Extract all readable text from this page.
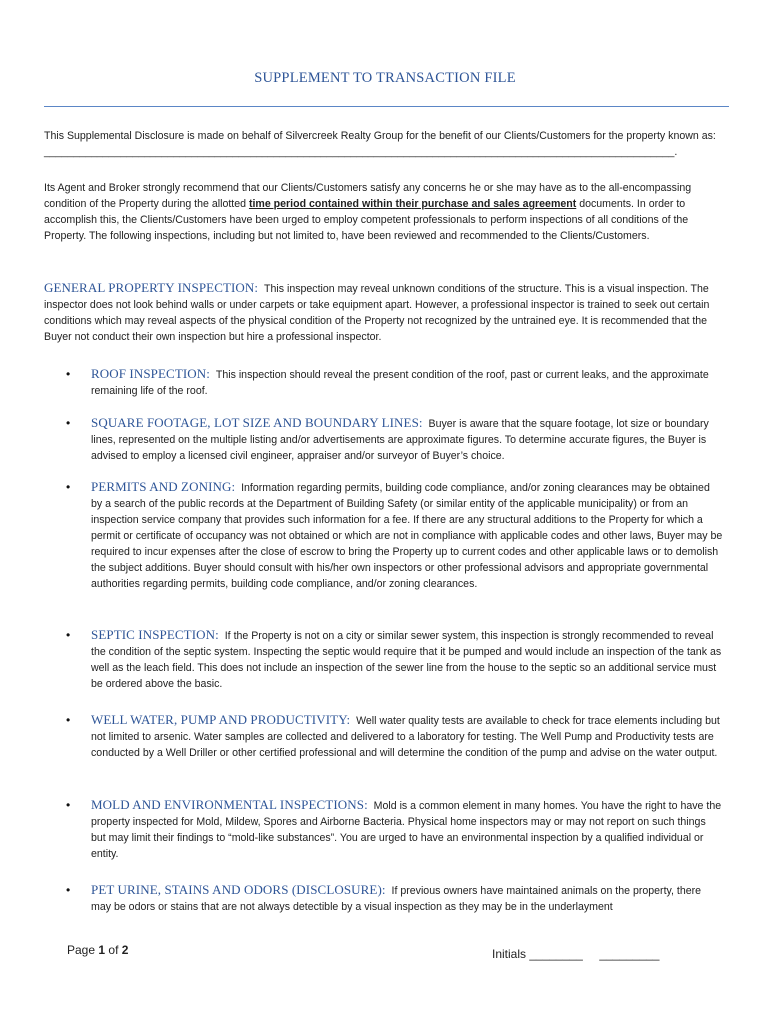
SUPPLEMENT TO TRANSACTION FILE
This Supplemental Disclosure is made on behalf of Silvercreek Realty Group for the benefit of our Clients/Customers for the property known as: ___________________________________________________________________________________________________________.
Its Agent and Broker strongly recommend that our Clients/Customers satisfy any concerns he or she may have as to the all-encompassing condition of the Property during the allotted time period contained within their purchase and sales agreement documents. In order to accomplish this, the Clients/Customers have been urged to employ competent professionals to perform inspections of all conditions of the Property. The following inspections, including but not limited to, have been reviewed and recommended to the Clients/Customers.
GENERAL PROPERTY INSPECTION: This inspection may reveal unknown conditions of the structure. This is a visual inspection. The inspector does not look behind walls or under carpets or take equipment apart. However, a professional inspector is trained to seek out certain conditions which may reveal aspects of the physical condition of the Property not recognized by the untrained eye. It is recommended that the Buyer not conduct their own inspection but hire a professional inspector.
• ROOF INSPECTION: This inspection should reveal the present condition of the roof, past or current leaks, and the approximate remaining life of the roof.
• SQUARE FOOTAGE, LOT SIZE AND BOUNDARY LINES: Buyer is aware that the square footage, lot size or boundary lines, represented on the multiple listing and/or advertisements are approximate figures. To determine accurate figures, the Buyer is advised to employ a licensed civil engineer, appraiser and/or surveyor of Buyer’s choice.
• PERMITS AND ZONING: Information regarding permits, building code compliance, and/or zoning clearances may be obtained by a search of the public records at the Department of Building Safety (or similar entity of the applicable municipality) or from an inspection service company that provides such information for a fee. If there are any structural additions to the Property for which a permit or certificate of occupancy was not obtained or which are not in compliance with applicable codes and other laws, Buyer may be required to incur expenses after the close of escrow to bring the Property up to current codes and other applicable laws or to demolish the subject additions. Buyer should consult with his/her own inspectors or other professional advisors and appropriate governmental authorities regarding permits, building code compliance, and/or zoning clearances.
• SEPTIC INSPECTION: If the Property is not on a city or similar sewer system, this inspection is strongly recommended to reveal the condition of the septic system. Inspecting the septic would require that it be pumped and would include an inspection of the tank as well as the leach field. This does not include an inspection of the sewer line from the house to the septic so an additional service must be ordered above the basic.
• WELL WATER, PUMP AND PRODUCTIVITY: Well water quality tests are available to check for trace elements including but not limited to arsenic. Water samples are collected and delivered to a laboratory for testing. The Well Pump and Productivity tests are conducted by a Well Driller or other certified professional and will determine the condition of the pump and advise on the water output.
• MOLD AND ENVIRONMENTAL INSPECTIONS: Mold is a common element in many homes. You have the right to have the property inspected for Mold, Mildew, Spores and Airborne Bacteria. Physical home inspectors may or may not report on such things but may limit their findings to “mold-like substances”. You are urged to have an environmental inspection by a qualified individual or entity.
• PET URINE, STAINS AND ODORS (DISCLOSURE): If previous owners have maintained animals on the property, there may be odors or stains that are not always detectible by a visual inspection as they may be in the underlayment
Page 1 of 2	Initials ________     _________
